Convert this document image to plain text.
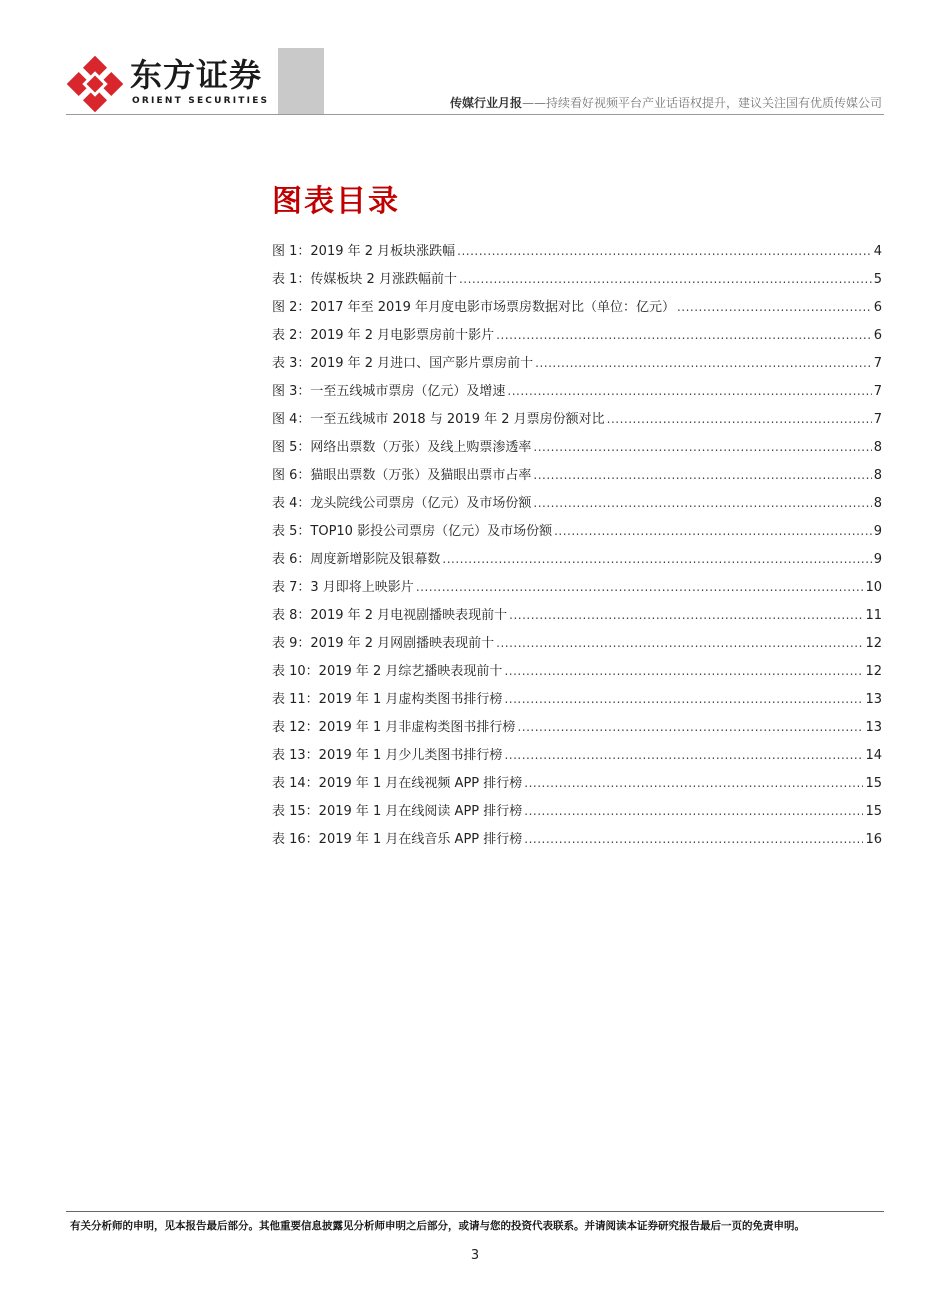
东方证券
ORIENT SECURITIES	传媒行业月报——持续看好视频平台产业话语权提升，建议关注国有优质传媒公司
图表目录
图 1：2019 年 2 月板块涨跌幅 .....	4
表 1：传媒板块 2 月涨跌幅前十 .....	5
图 2：2017 年至 2019 年月度电影市场票房数据对比（单位：亿元） .....	6
表 2：2019 年 2 月电影票房前十影片 .....	6
表 3：2019 年 2 月进口、国产影片票房前十 .....	7
图 3：一至五线城市票房（亿元）及增速 .....	7
图 4：一至五线城市 2018 与 2019 年 2 月票房份额对比 .....	7
图 5：网络出票数（万张）及线上购票渗透率 .....	8
图 6：猫眼出票数（万张）及猫眼出票市占率 .....	8
表 4：龙头院线公司票房（亿元）及市场份额 .....	8
表 5：TOP10 影投公司票房（亿元）及市场份额 .....	9
表 6：周度新增影院及银幕数 .....	9
表 7：3 月即将上映影片 .....	10
表 8：2019 年 2 月电视剧播映表现前十 .....	11
表 9：2019 年 2 月网剧播映表现前十 .....	12
表 10：2019 年 2 月综艺播映表现前十 .....	12
表 11：2019 年 1 月虚构类图书排行榜 .....	13
表 12：2019 年 1 月非虚构类图书排行榜 .....	13
表 13：2019 年 1 月少儿类图书排行榜 .....	14
表 14：2019 年 1 月在线视频 APP 排行榜 .....	15
表 15：2019 年 1 月在线阅读 APP 排行榜 .....	15
表 16：2019 年 1 月在线音乐 APP 排行榜 .....	16
有关分析师的申明，见本报告最后部分。其他重要信息披露见分析师申明之后部分，或请与您的投资代表联系。并请阅读本证券研究报告最后一页的免责申明。
3
